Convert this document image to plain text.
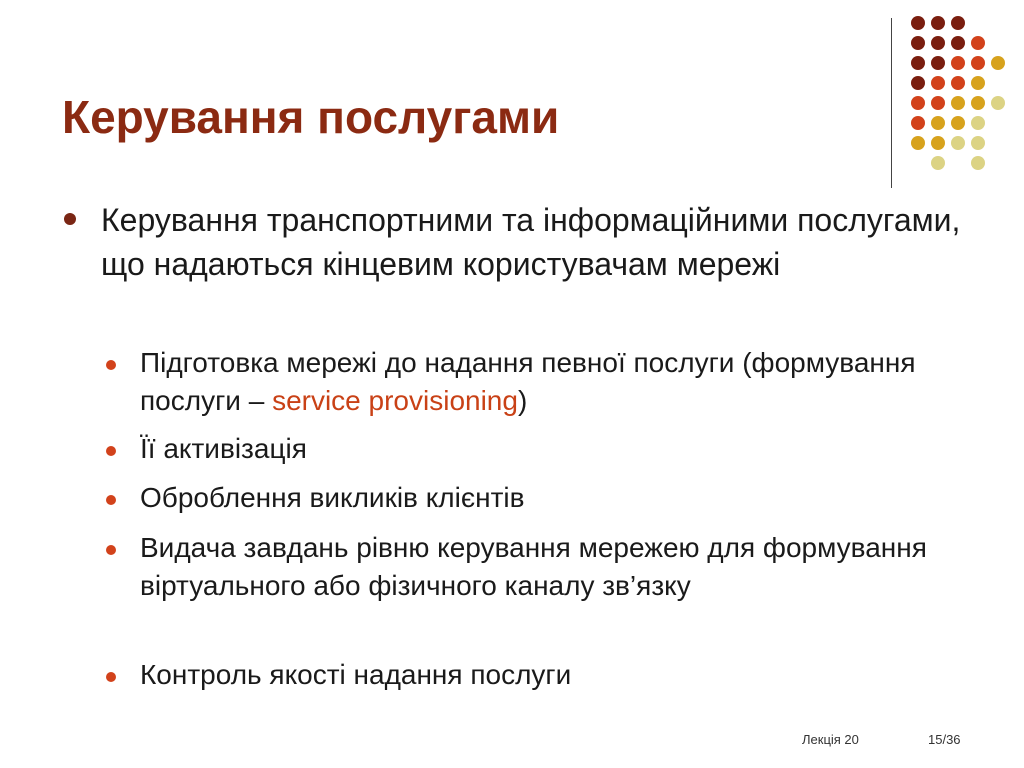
Керування послугами
Керування транспортними та інформаційними послугами, що надаються кінцевим користувачам мережі
Підготовка мережі до надання певної послуги (формування послуги – service provisioning)
Її активізація
Оброблення викликів клієнтів
Видача завдань рівню керування мережею для формування віртуального або фізичного каналу зв’язку
Контроль якості надання послуги
Лекція 20	15/36
